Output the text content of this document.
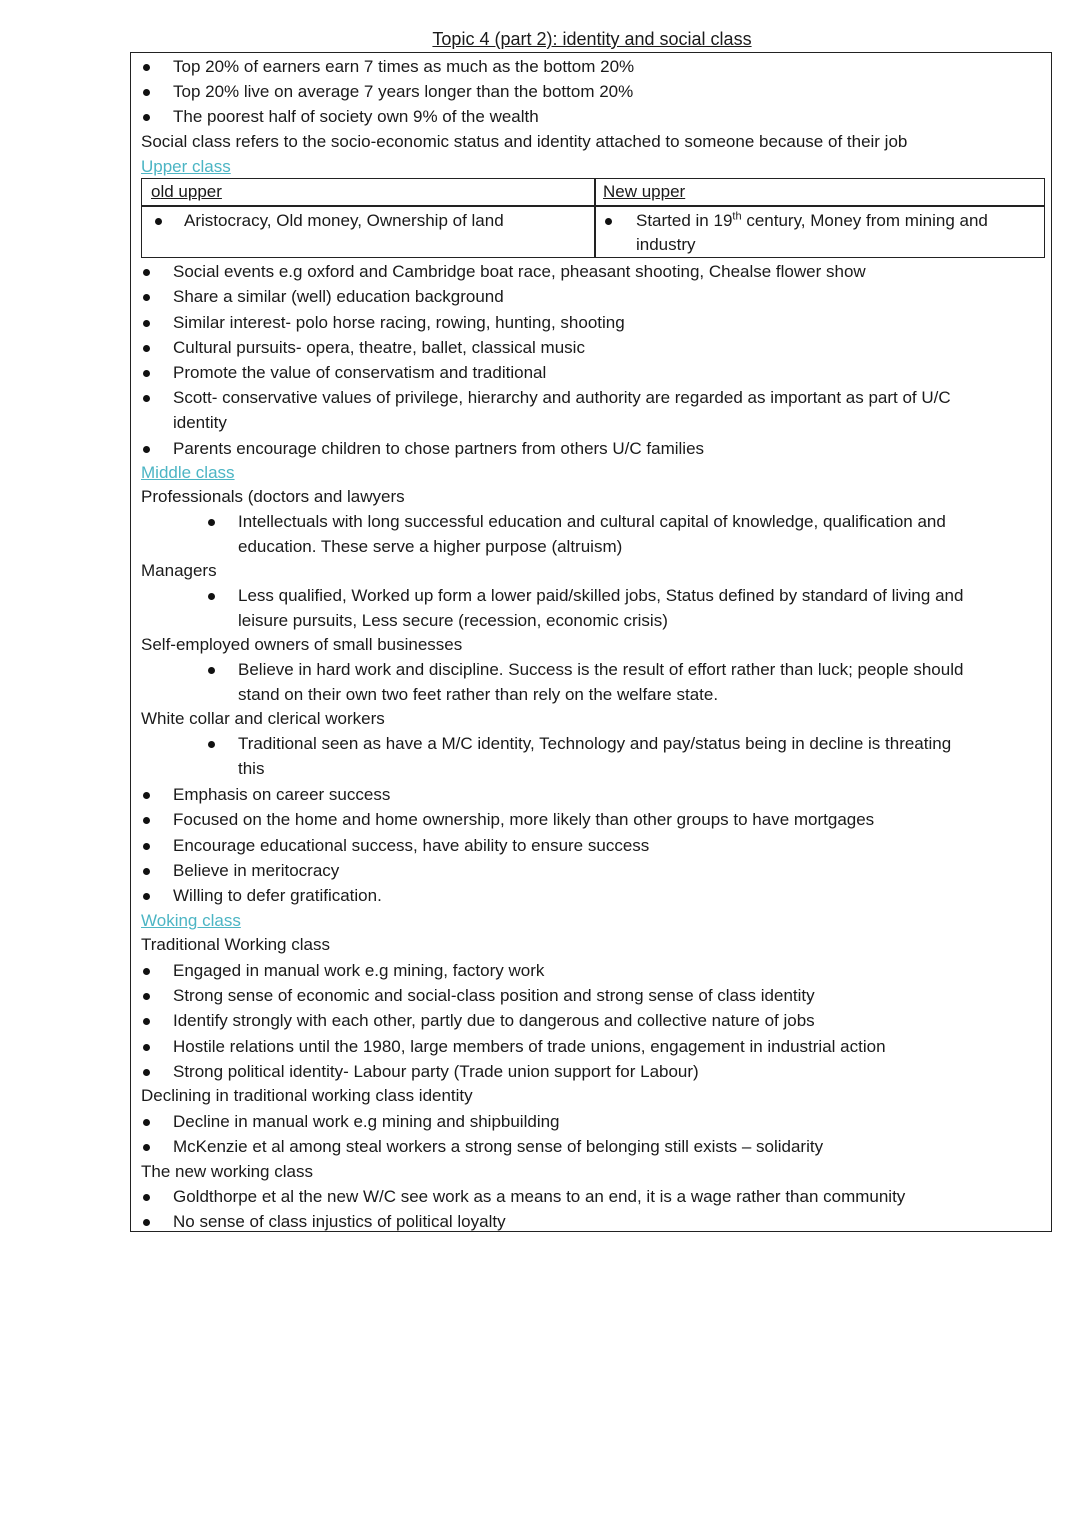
Topic 4 (part 2): identity and social class
Top 20% of earners earn 7 times as much as the bottom 20%
Top 20% live on average 7 years longer than the bottom 20%
The poorest half of society own 9% of the wealth
Social class refers to the socio-economic status and identity attached to someone because of their job
Upper class
old upper	New upper
Aristocracy, Old money, Ownership of land	Started in 19th century, Money from mining and
industry
Social events e.g oxford and Cambridge boat race, pheasant shooting, Chealse flower show
Share a similar (well) education background
Similar interest- polo horse racing, rowing, hunting, shooting
Cultural pursuits- opera, theatre, ballet, classical music
Promote the value of conservatism and traditional
Scott- conservative values of privilege, hierarchy and authority are regarded as important as part of U/C
identity
Parents encourage children to chose partners from others U/C families
Middle class
Professionals (doctors and lawyers
Intellectuals with long successful education and cultural capital of knowledge, qualification and
education. These serve a higher purpose (altruism)
Managers
Less qualified, Worked up form a lower paid/skilled jobs, Status defined by standard of living and
leisure pursuits, Less secure (recession, economic crisis)
Self-employed owners of small businesses
Believe in hard work and discipline. Success is the result of effort rather than luck; people should
stand on their own two feet rather than rely on the welfare state.
White collar and clerical workers
Traditional seen as have a M/C identity, Technology and pay/status being in decline is threating
this
Emphasis on career success
Focused on the home and home ownership, more likely than other groups to have mortgages
Encourage educational success, have ability to ensure success
Believe in meritocracy
Willing to defer gratification.
Woking class
Traditional Working class
Engaged in manual work e.g mining, factory work
Strong sense of economic and social-class position and strong sense of class identity
Identify strongly with each other, partly due to dangerous and collective nature of jobs
Hostile relations until the 1980, large members of trade unions, engagement in industrial action
Strong political identity- Labour party (Trade union support for Labour)
Declining in traditional working class identity
Decline in manual work e.g mining and shipbuilding
McKenzie et al among steal workers a strong sense of belonging still exists – solidarity
The new working class
Goldthorpe et al the new W/C see work as a means to an end, it is a wage rather than community
No sense of class injustics of political loyalty
